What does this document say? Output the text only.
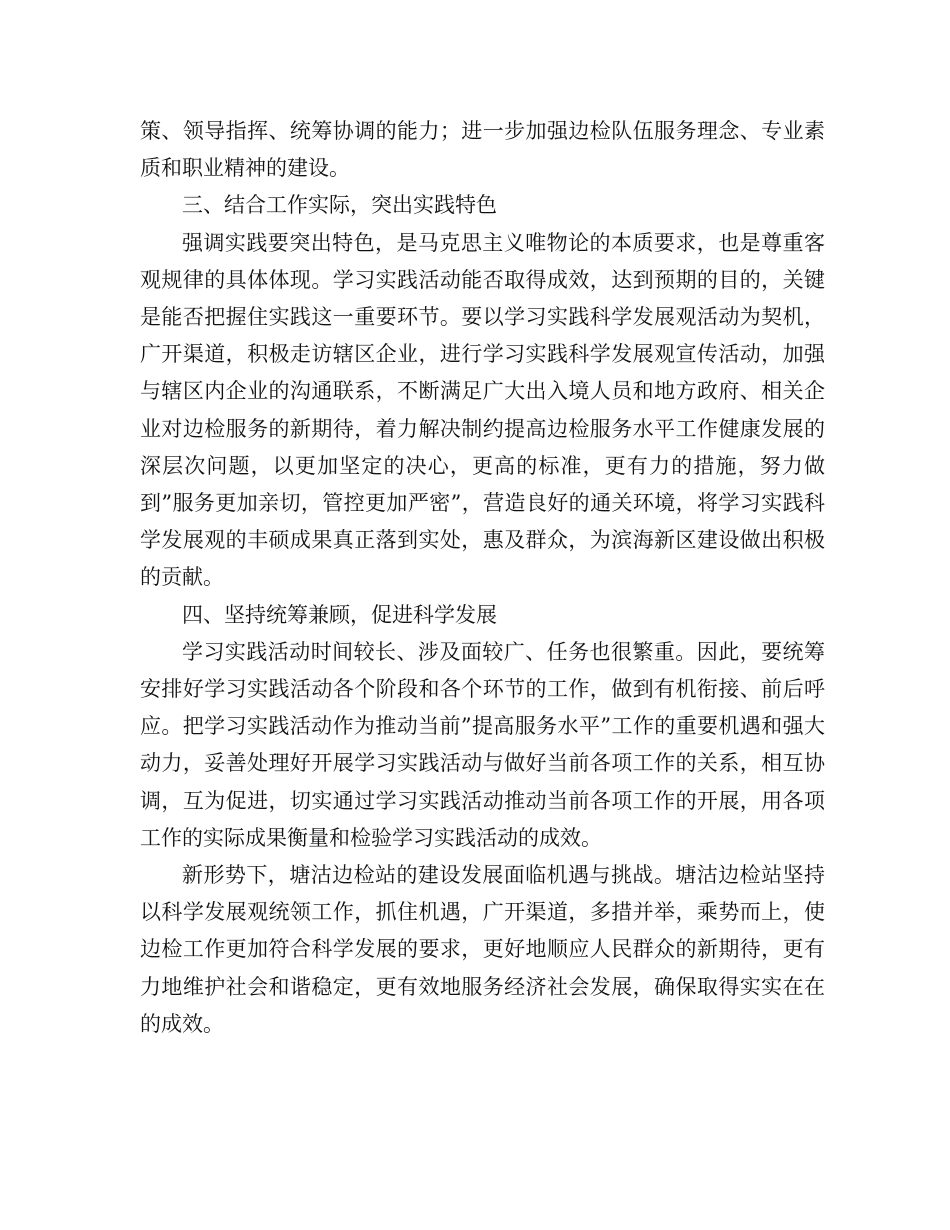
策、领导指挥、统筹协调的能力；进一步加强边检队伍服务理念、专业素质和职业精神的建设。

三、结合工作实际，突出实践特色

强调实践要突出特色，是马克思主义唯物论的本质要求，也是尊重客观规律的具体体现。学习实践活动能否取得成效，达到预期的目的，关键是能否把握住实践这一重要环节。要以学习实践科学发展观活动为契机，广开渠道，积极走访辖区企业，进行学习实践科学发展观宣传活动，加强与辖区内企业的沟通联系，不断满足广大出入境人员和地方政府、相关企业对边检服务的新期待，着力解决制约提高边检服务水平工作健康发展的深层次问题，以更加坚定的决心，更高的标准，更有力的措施，努力做到”服务更加亲切，管控更加严密”，营造良好的通关环境，将学习实践科学发展观的丰硕成果真正落到实处，惠及群众，为滨海新区建设做出积极的贡献。

四、坚持统筹兼顾，促进科学发展

学习实践活动时间较长、涉及面较广、任务也很繁重。因此，要统筹安排好学习实践活动各个阶段和各个环节的工作，做到有机衔接、前后呼应。把学习实践活动作为推动当前”提高服务水平”工作的重要机遇和强大动力，妥善处理好开展学习实践活动与做好当前各项工作的关系，相互协调，互为促进，切实通过学习实践活动推动当前各项工作的开展，用各项工作的实际成果衡量和检验学习实践活动的成效。

新形势下，塘沽边检站的建设发展面临机遇与挑战。塘沽边检站坚持以科学发展观统领工作，抓住机遇，广开渠道，多措并举，乘势而上，使边检工作更加符合科学发展的要求，更好地顺应人民群众的新期待，更有力地维护社会和谐稳定，更有效地服务经济社会发展，确保取得实实在在的成效。
